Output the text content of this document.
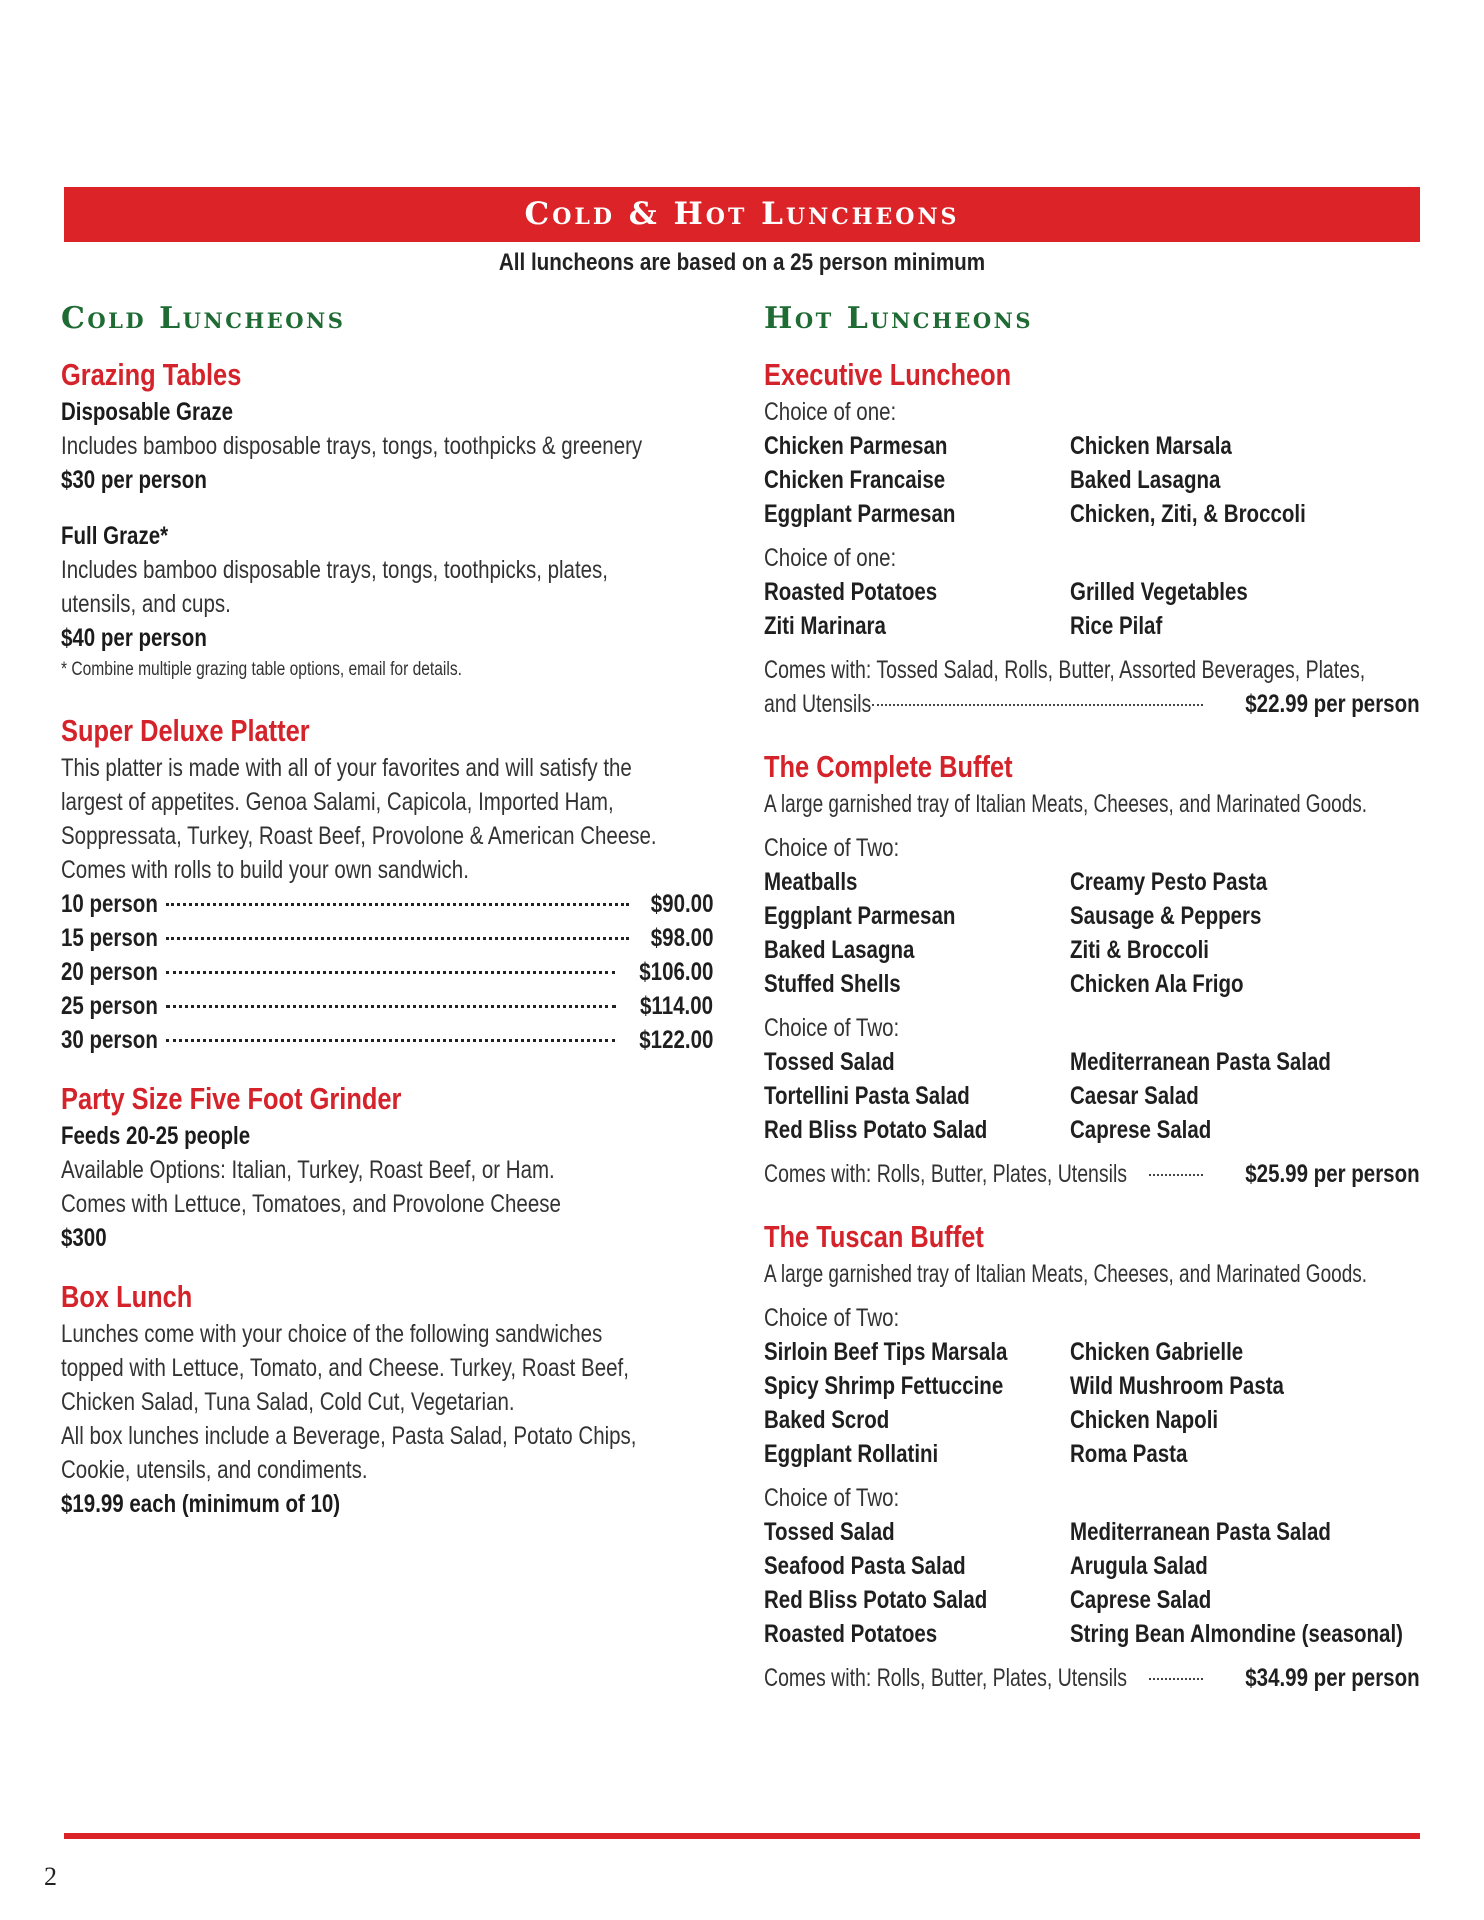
Cold & Hot Luncheons
All luncheons are based on a 25 person minimum
Cold Luncheons
Grazing Tables
Disposable Graze
Includes bamboo disposable trays, tongs, toothpicks & greenery
$30 per person
Full Graze*
Includes bamboo disposable trays, tongs, toothpicks, plates,
utensils, and cups.
$40 per person
* Combine multiple grazing table options, email for details.
Super Deluxe Platter
This platter is made with all of your favorites and will satisfy the
largest of appetites. Genoa Salami, Capicola, Imported Ham,
Soppressata, Turkey, Roast Beef, Provolone & American Cheese.
Comes with rolls to build your own sandwich.
10 person	$90.00
15 person	$98.00
20 person	$106.00
25 person	$114.00
30 person	$122.00
Party Size Five Foot Grinder
Feeds 20-25 people
Available Options: Italian, Turkey, Roast Beef, or Ham.
Comes with Lettuce, Tomatoes, and Provolone Cheese
$300
Box Lunch
Lunches come with your choice of the following sandwiches
topped with Lettuce, Tomato, and Cheese. Turkey, Roast Beef,
Chicken Salad, Tuna Salad, Cold Cut, Vegetarian.
All box lunches include a Beverage, Pasta Salad, Potato Chips,
Cookie, utensils, and condiments.
$19.99 each (minimum of 10)
Hot Luncheons
Executive Luncheon
Choice of one:
Chicken Parmesan	Chicken Marsala
Chicken Francaise	Baked Lasagna
Eggplant Parmesan	Chicken, Ziti, & Broccoli
Choice of one:
Roasted Potatoes	Grilled Vegetables
Ziti Marinara	Rice Pilaf
Comes with: Tossed Salad, Rolls, Butter, Assorted Beverages, Plates,
and Utensils	$22.99 per person
The Complete Buffet
A large garnished tray of Italian Meats, Cheeses, and Marinated Goods.
Choice of Two:
Meatballs	Creamy Pesto Pasta
Eggplant Parmesan	Sausage & Peppers
Baked Lasagna	Ziti & Broccoli
Stuffed Shells	Chicken Ala Frigo
Choice of Two:
Tossed Salad	Mediterranean Pasta Salad
Tortellini Pasta Salad	Caesar Salad
Red Bliss Potato Salad	Caprese Salad
Comes with: Rolls, Butter, Plates, Utensils	$25.99 per person
The Tuscan Buffet
A large garnished tray of Italian Meats, Cheeses, and Marinated Goods.
Choice of Two:
Sirloin Beef Tips Marsala	Chicken Gabrielle
Spicy Shrimp Fettuccine	Wild Mushroom Pasta
Baked Scrod	Chicken Napoli
Eggplant Rollatini	Roma Pasta
Choice of Two:
Tossed Salad	Mediterranean Pasta Salad
Seafood Pasta Salad	Arugula Salad
Red Bliss Potato Salad	Caprese Salad
Roasted Potatoes	String Bean Almondine (seasonal)
Comes with: Rolls, Butter, Plates, Utensils	$34.99 per person
2
